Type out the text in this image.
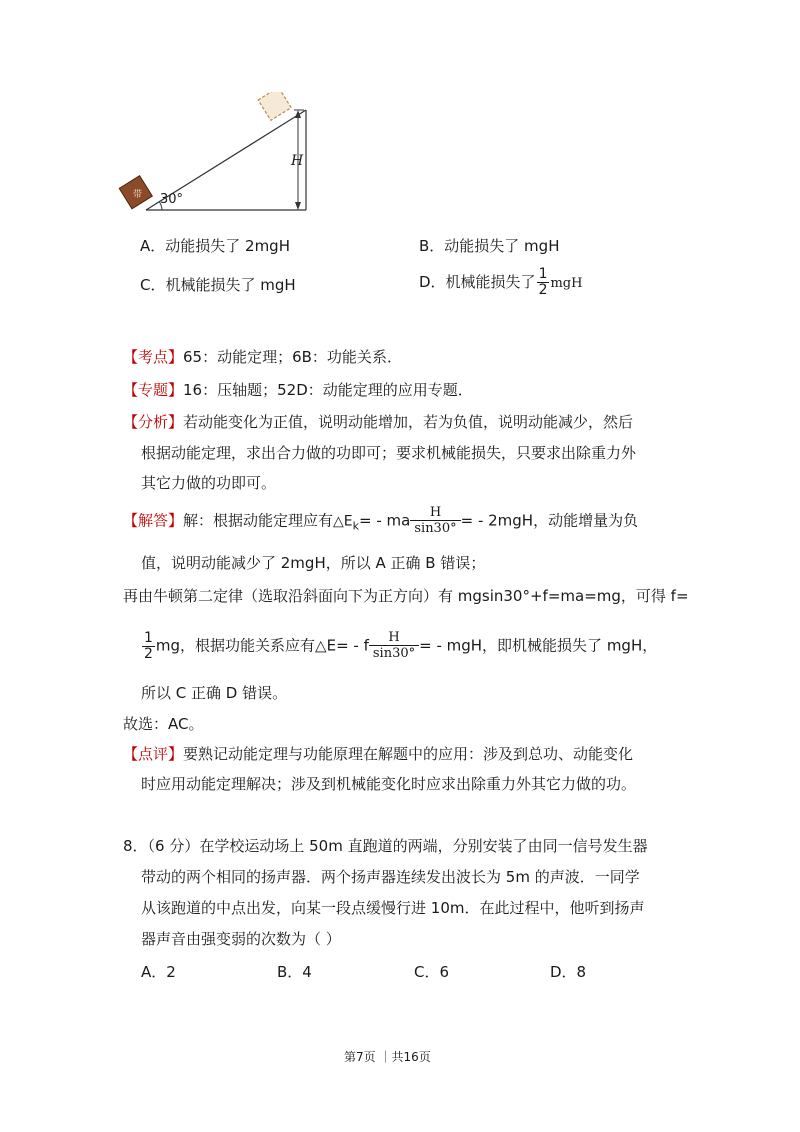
带 30°
H
A．动能损失了 2mgH	B．动能损失了 mgH
C．机械能损失了 mgH	D．机械能损失了 $\frac{1}{2}$ mgH
【考点】65：动能定理；6B：功能关系．
【专题】16：压轴题；52D：动能定理的应用专题．
【分析】若动能变化为正值，说明动能增加，若为负值，说明动能减少，然后
根据动能定理，求出合力做的功即可；要求机械能损失，只要求出除重力外
其它力做的功即可。
【解答】解：根据动能定理应有$\triangle E_k=$ - ma $\frac{H}{\sin 30^\circ}$ = - 2mgH，动能增量为负
值，说明动能减少了 2mgH，所以 A 正确 B 错误；
再由牛顿第二定律（选取沿斜面向下为正方向）有 mgsin30°+f=ma=mg，可得 f=
$\frac{1}{2}$ mg，根据功能关系应有△E= - f $\frac{H}{\sin 30^\circ}$ = - mgH，即机械能损失了 mgH，
所以 C 正确 D 错误。
故选：AC。
【点评】要熟记动能定理与功能原理在解题中的应用：涉及到总功、动能变化
时应用动能定理解决；涉及到机械能变化时应求出除重力外其它力做的功。
8．（6 分）在学校运动场上 50m 直跑道的两端，分别安装了由同一信号发生器
带动的两个相同的扬声器．两个扬声器连续发出波长为 5m 的声波．一同学
从该跑道的中点出发，向某一段点缓慢行进 10m．在此过程中，他听到扬声
器声音由强变弱的次数为（ ）
A．2	B．4	C．6	D．8
第7页 ｜共16页
